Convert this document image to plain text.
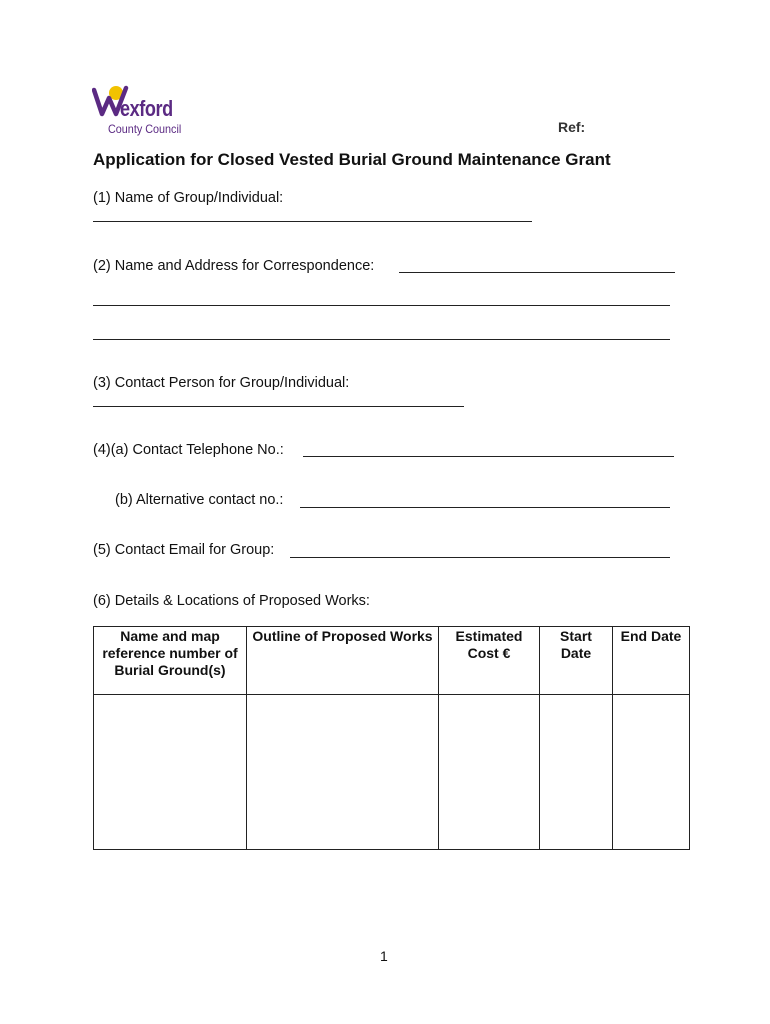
exford
County Council	Ref:
Application for Closed Vested Burial Ground Maintenance Grant
(1) Name of Group/Individual:
(2) Name and Address for Correspondence:
(3) Contact Person for Group/Individual:
(4)(a) Contact Telephone No.:
(b) Alternative contact no.:
(5) Contact Email for Group:
(6) Details & Locations of Proposed Works:
Name and map reference number of Burial Ground(s)	Outline of Proposed Works	Estimated Cost €	Start Date	End Date

1
